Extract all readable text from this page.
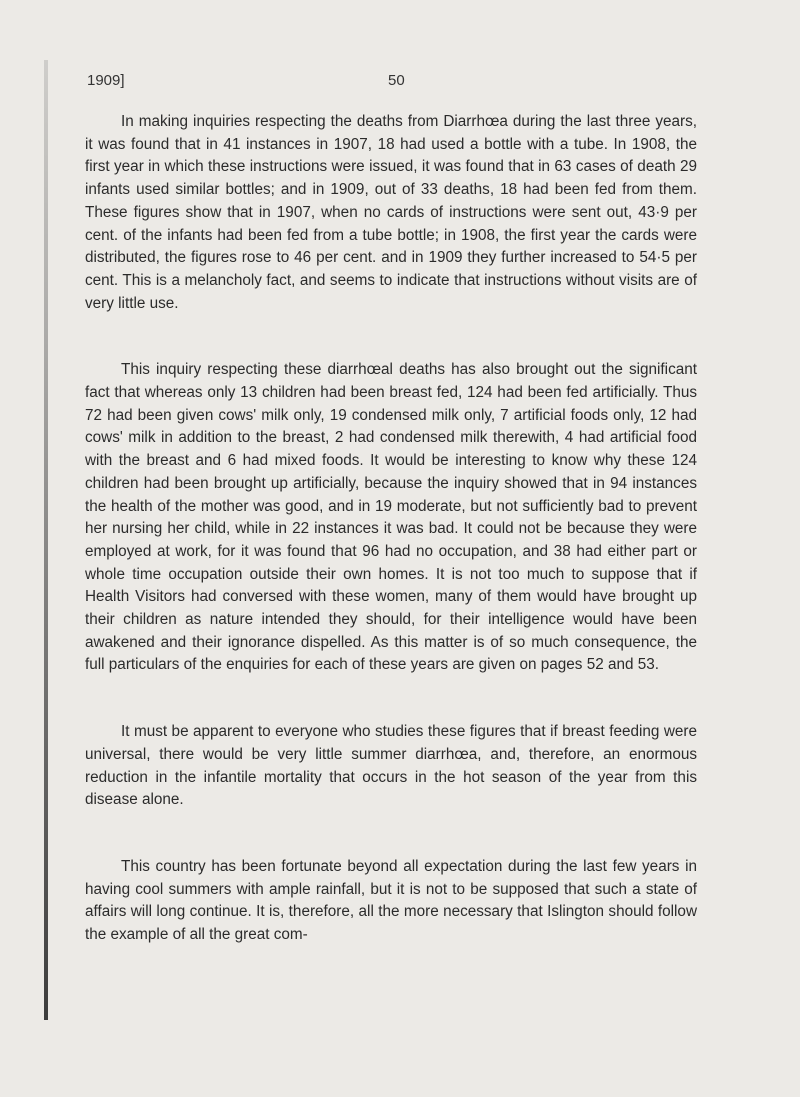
1909]	50

In making inquiries respecting the deaths from Diarrhœa during the last three years, it was found that in 41 instances in 1907, 18 had used a bottle with a tube. In 1908, the first year in which these instructions were issued, it was found that in 63 cases of death 29 infants used similar bottles; and in 1909, out of 33 deaths, 18 had been fed from them. These figures show that in 1907, when no cards of instructions were sent out, 43·9 per cent. of the infants had been fed from a tube bottle; in 1908, the first year the cards were distributed, the figures rose to 46 per cent. and in 1909 they further increased to 54·5 per cent. This is a melancholy fact, and seems to indicate that instructions without visits are of very little use.

This inquiry respecting these diarrhœal deaths has also brought out the significant fact that whereas only 13 children had been breast fed, 124 had been fed artificially. Thus 72 had been given cows' milk only, 19 condensed milk only, 7 artificial foods only, 12 had cows' milk in addition to the breast, 2 had condensed milk therewith, 4 had artificial food with the breast and 6 had mixed foods. It would be interesting to know why these 124 children had been brought up artificially, because the inquiry showed that in 94 instances the health of the mother was good, and in 19 moderate, but not sufficiently bad to prevent her nursing her child, while in 22 instances it was bad. It could not be because they were employed at work, for it was found that 96 had no occupation, and 38 had either part or whole time occupation outside their own homes. It is not too much to suppose that if Health Visitors had conversed with these women, many of them would have brought up their children as nature intended they should, for their intelligence would have been awakened and their ignorance dispelled. As this matter is of so much consequence, the full particulars of the enquiries for each of these years are given on pages 52 and 53.

It must be apparent to everyone who studies these figures that if breast feeding were universal, there would be very little summer diarrhœa, and, therefore, an enormous reduction in the infantile mortality that occurs in the hot season of the year from this disease alone.

This country has been fortunate beyond all expectation during the last few years in having cool summers with ample rainfall, but it is not to be supposed that such a state of affairs will long continue. It is, therefore, all the more necessary that Islington should follow the example of all the great com-
